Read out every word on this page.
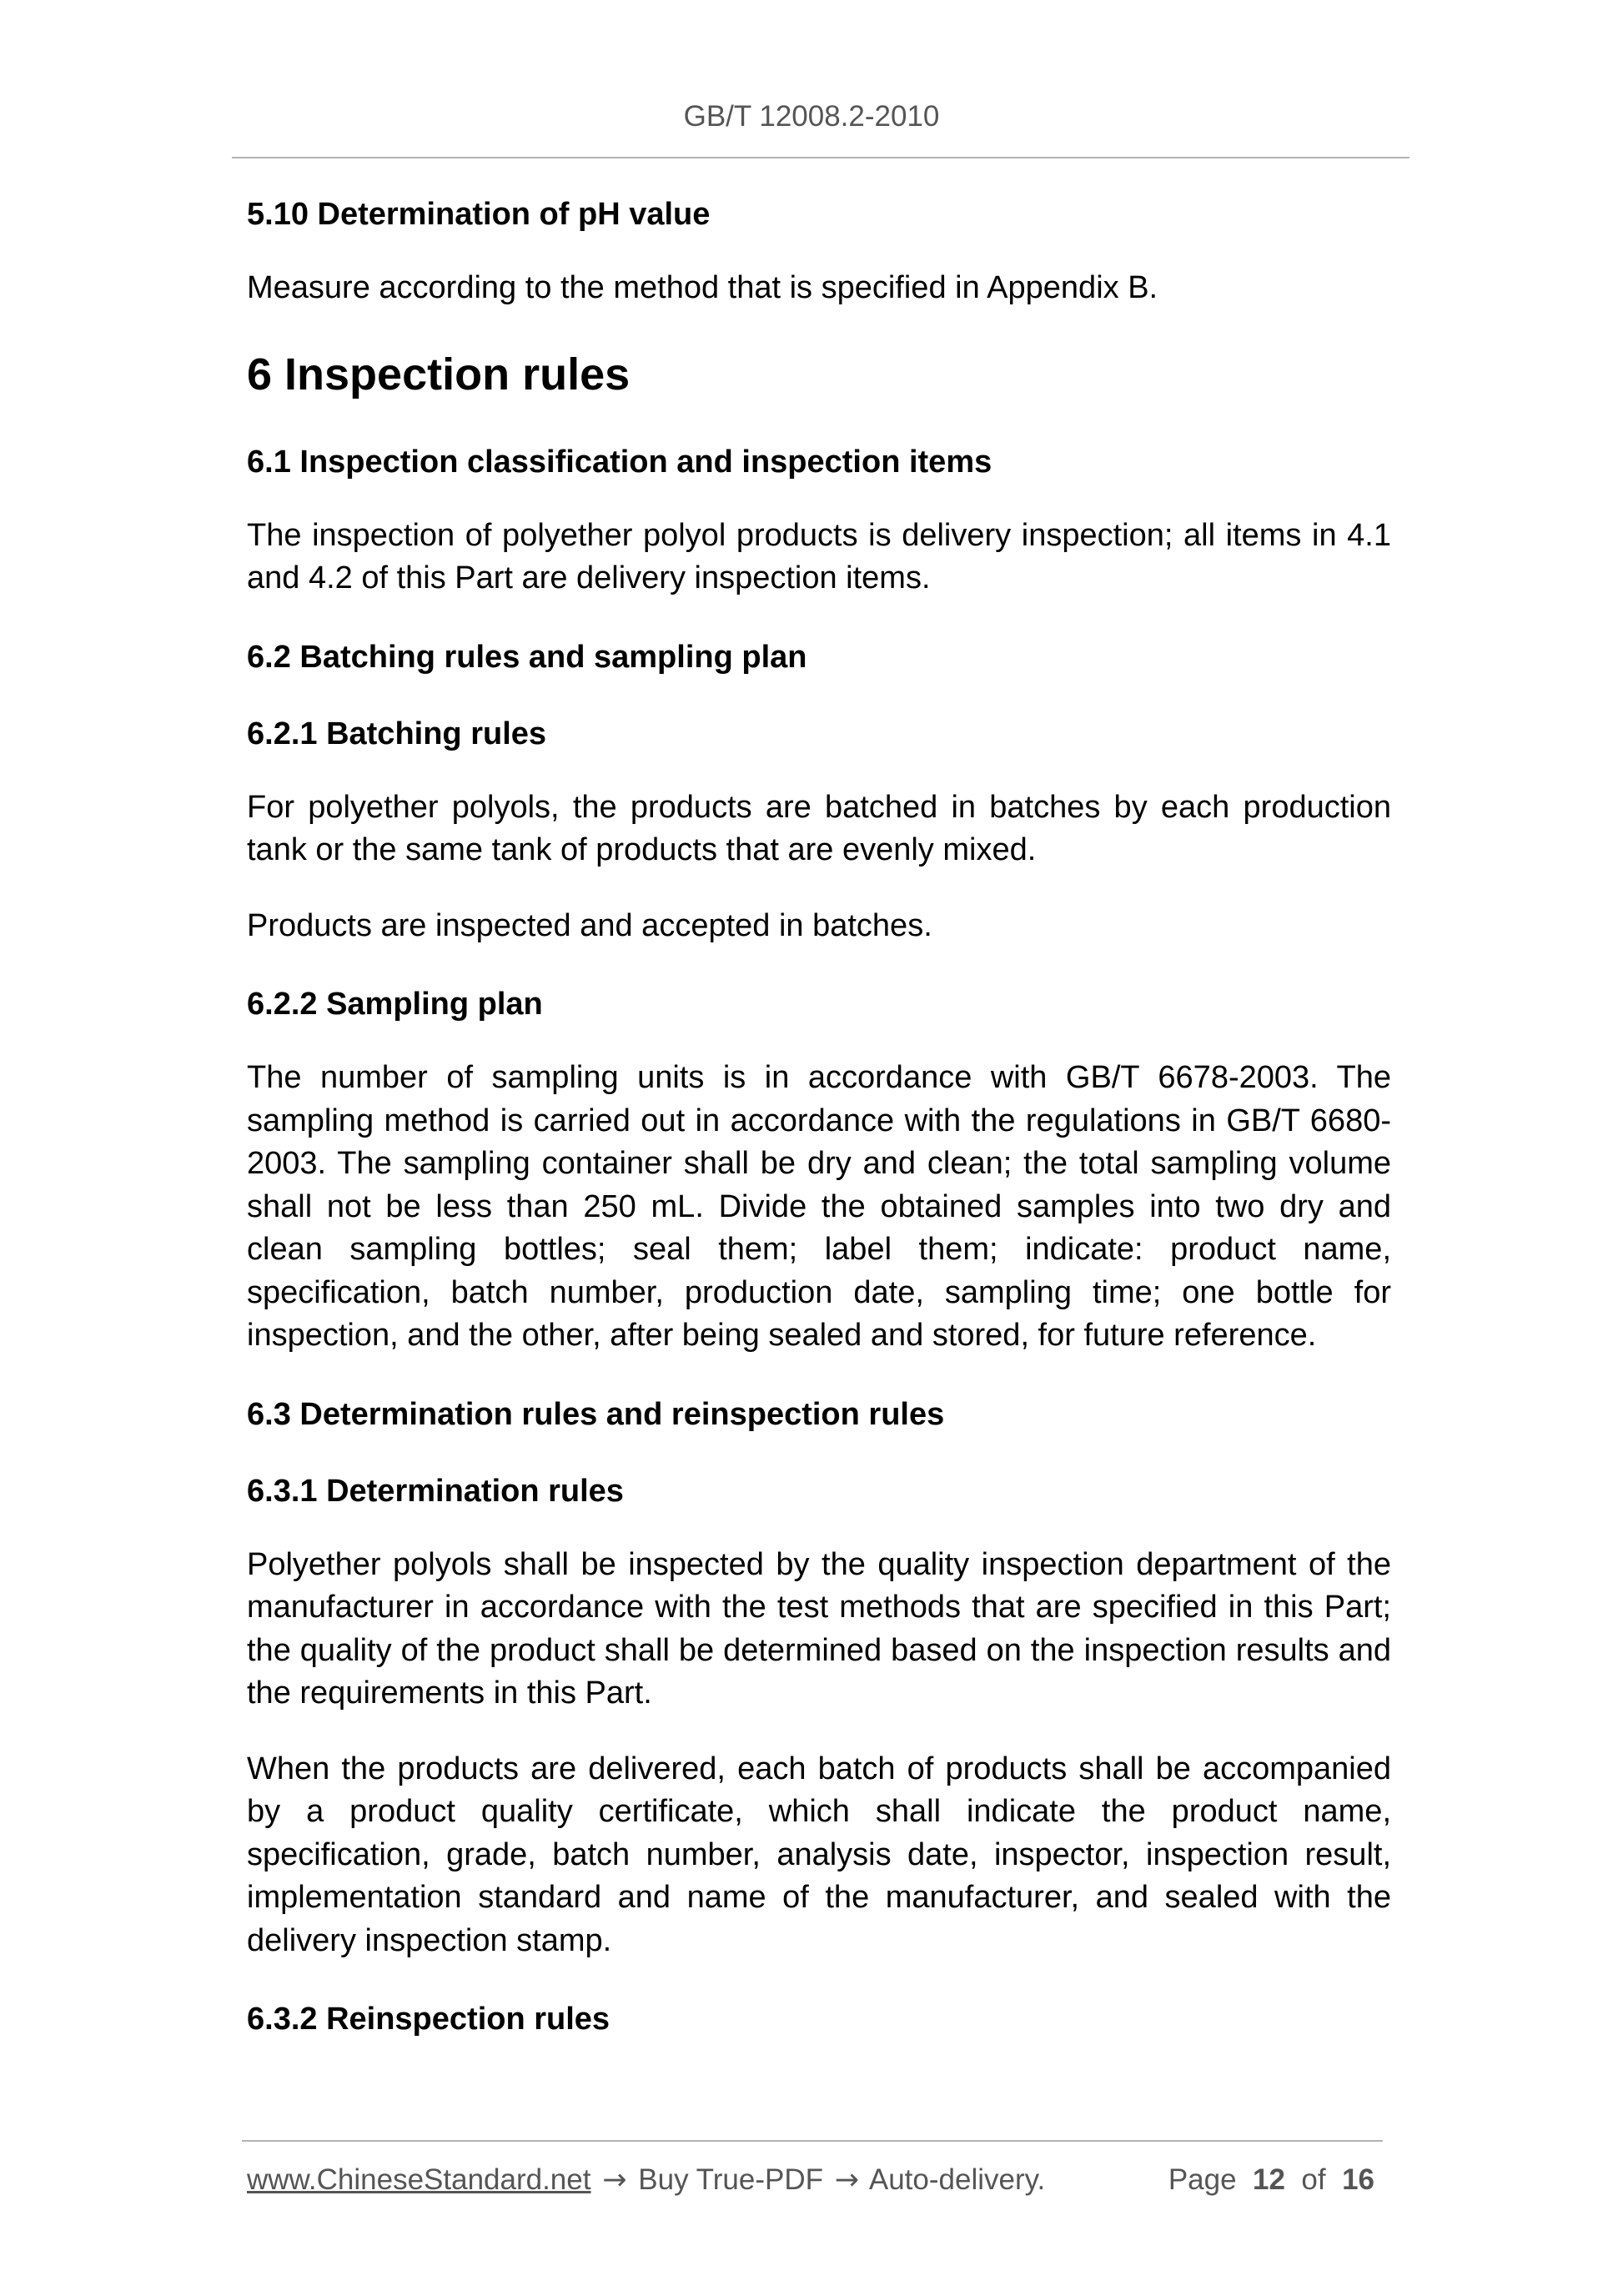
GB/T 12008.2-2010
5.10 Determination of pH value
Measure according to the method that is specified in Appendix B.
6 Inspection rules
6.1 Inspection classification and inspection items
The inspection of polyether polyol products is delivery inspection; all items in 4.1 and 4.2 of this Part are delivery inspection items.
6.2 Batching rules and sampling plan
6.2.1 Batching rules
For polyether polyols, the products are batched in batches by each production tank or the same tank of products that are evenly mixed.
Products are inspected and accepted in batches.
6.2.2 Sampling plan
The number of sampling units is in accordance with GB/T 6678-2003. The sampling method is carried out in accordance with the regulations in GB/T 6680-2003. The sampling container shall be dry and clean; the total sampling volume shall not be less than 250 mL. Divide the obtained samples into two dry and clean sampling bottles; seal them; label them; indicate: product name, specification, batch number, production date, sampling time; one bottle for inspection, and the other, after being sealed and stored, for future reference.
6.3 Determination rules and reinspection rules
6.3.1 Determination rules
Polyether polyols shall be inspected by the quality inspection department of the manufacturer in accordance with the test methods that are specified in this Part; the quality of the product shall be determined based on the inspection results and the requirements in this Part.
When the products are delivered, each batch of products shall be accompanied by a product quality certificate, which shall indicate the product name, specification, grade, batch number, analysis date, inspector, inspection result, implementation standard and name of the manufacturer, and sealed with the delivery inspection stamp.
6.3.2 Reinspection rules
www.ChineseStandard.net → Buy True-PDF → Auto-delivery.	Page 12 of 16
